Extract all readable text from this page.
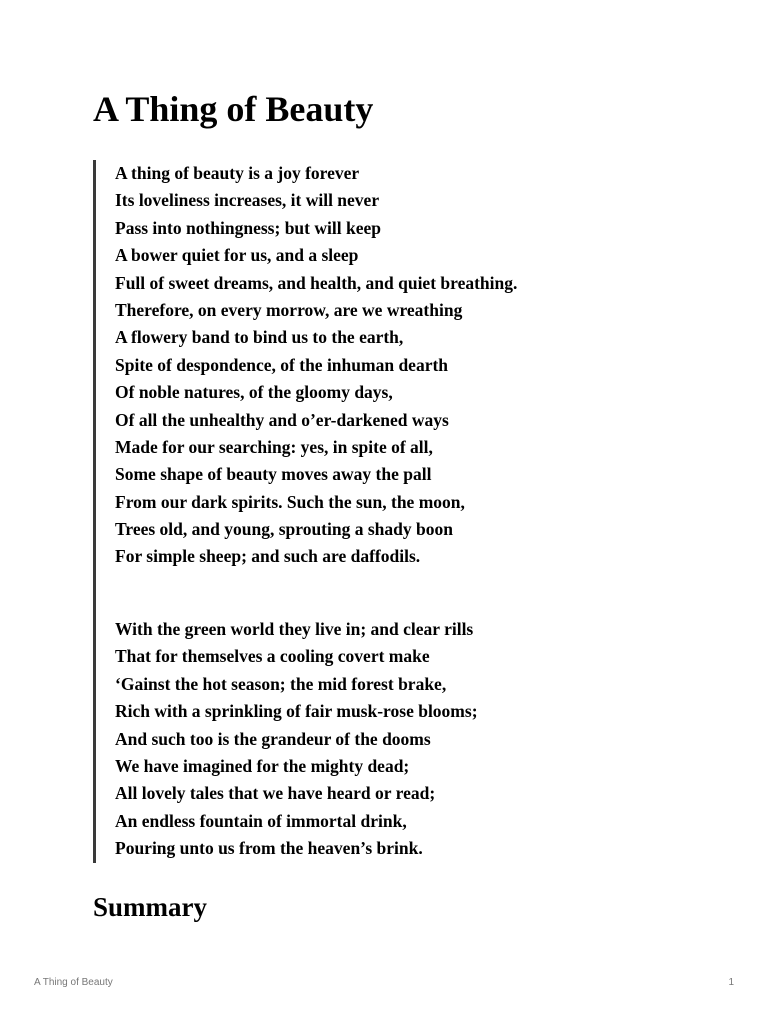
A Thing of Beauty
A thing of beauty is a joy forever
Its loveliness increases, it will never
Pass into nothingness; but will keep
A bower quiet for us, and a sleep
Full of sweet dreams, and health, and quiet breathing.
Therefore, on every morrow, are we wreathing
A flowery band to bind us to the earth,
Spite of despondence, of the inhuman dearth
Of noble natures, of the gloomy days,
Of all the unhealthy and o’er-darkened ways
Made for our searching: yes, in spite of all,
Some shape of beauty moves away the pall
From our dark spirits. Such the sun, the moon,
Trees old, and young, sprouting a shady boon
For simple sheep; and such are daffodils.
With the green world they live in; and clear rills
That for themselves a cooling covert make
‘Gainst the hot season; the mid forest brake,
Rich with a sprinkling of fair musk-rose blooms;
And such too is the grandeur of the dooms
We have imagined for the mighty dead;
All lovely tales that we have heard or read;
An endless fountain of immortal drink,
Pouring unto us from the heaven’s brink.
Summary
A Thing of Beauty	1
